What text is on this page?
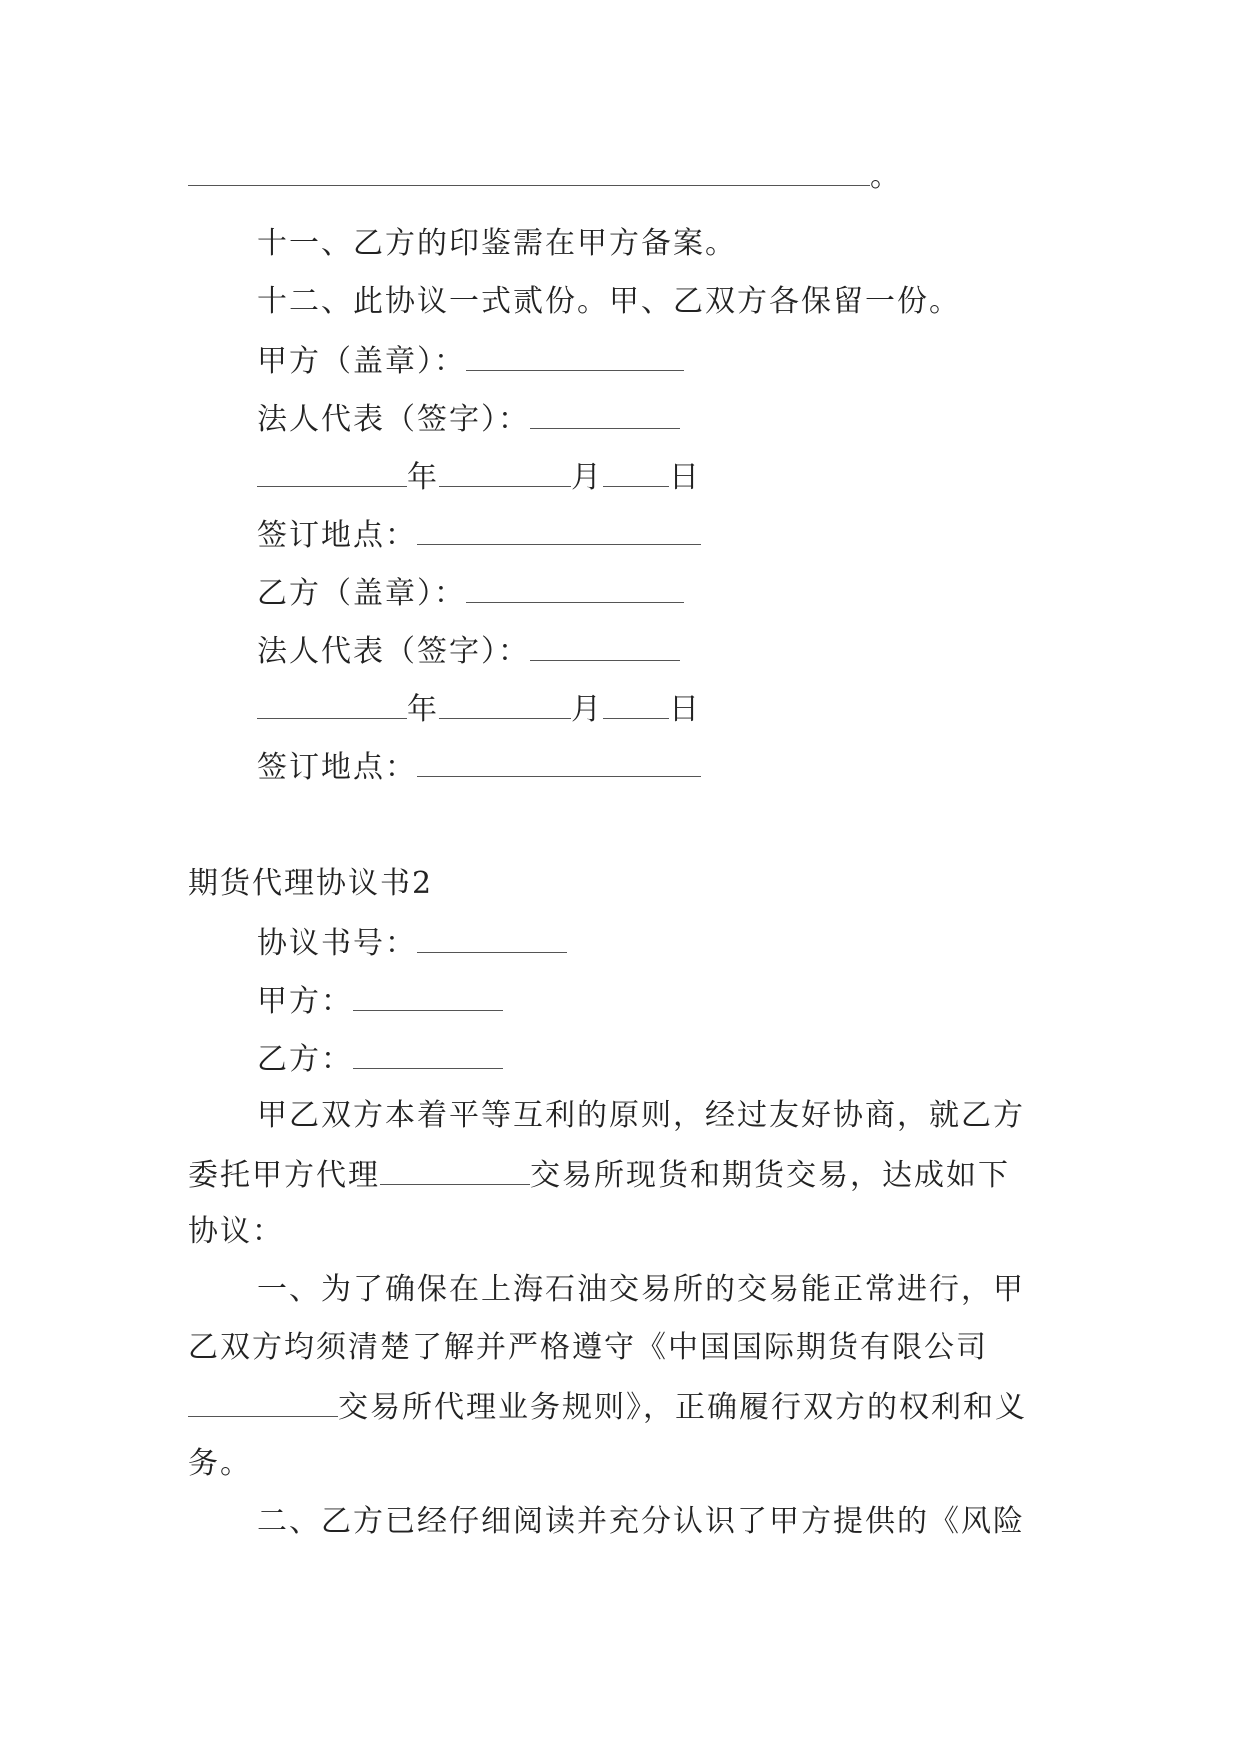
。
十一、乙方的印鉴需在甲方备案。
十二、此协议一式贰份。甲、乙双方各保留一份。
甲方（盖章）：
法人代表（签字）：
年	月 日
签订地点：
乙方（盖章）：
法人代表（签字）：
年	月 日
签订地点：
期货代理协议书2
协议书号：
甲方：
乙方：
甲乙双方本着平等互利的原则，经过友好协商，就乙方
委托甲方代理	交易所现货和期货交易，达成如下
协议：
一、为了确保在上海石油交易所的交易能正常进行，甲
乙双方均须清楚了解并严格遵守《中国国际期货有限公司
交易所代理业务规则》，正确履行双方的权利和义
务。
二、乙方已经仔细阅读并充分认识了甲方提供的《风险
